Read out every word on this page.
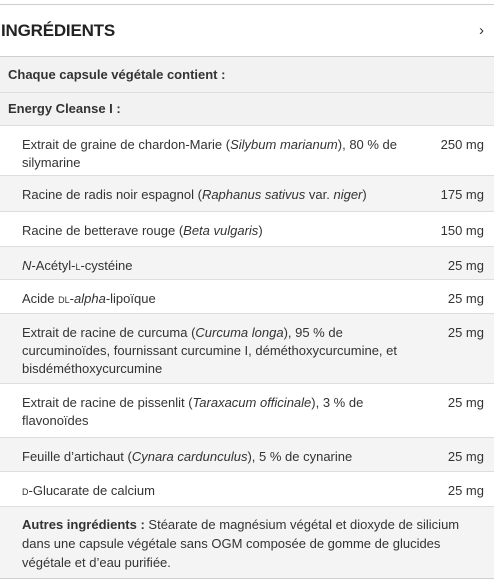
INGRÉDIENTS	›
Chaque capsule végétale contient :
Energy Cleanse I :
Extrait de graine de chardon-Marie (Silybum marianum), 80 % de silymarine
250 mg
Racine de radis noir espagnol (Raphanus sativus var. niger)	175 mg
Racine de betterave rouge (Beta vulgaris)	150 mg
N-Acétyl-l-cystéine	25 mg
Acide dl-alpha-lipoïque	25 mg
Extrait de racine de curcuma (Curcuma longa), 95 % de curcuminoïdes, fournissant curcumine I, déméthoxycurcumine, et bisdéméthoxycurcumine
25 mg
Extrait de racine de pissenlit (Taraxacum officinale), 3 % de flavonoïdes
25 mg
Feuille d’artichaut (Cynara cardunculus), 5 % de cynarine	25 mg
d-Glucarate de calcium	25 mg
Autres ingrédients : Stéarate de magnésium végétal et dioxyde de silicium dans une capsule végétale sans OGM composée de gomme de glucides végétale et d’eau purifiée.
